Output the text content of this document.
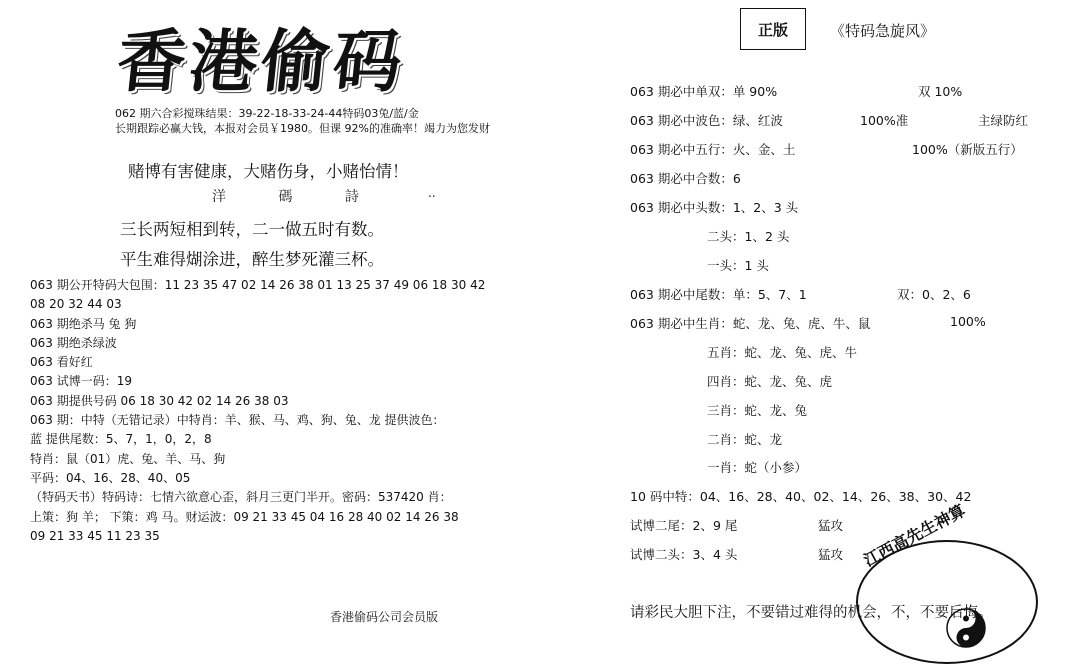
香港偷码
062 期六合彩搅珠结果：39-22-18-33-24-44特码03兔/蓝/金
长期跟踪必赢大钱，本报对会员￥1980。但课 92%的准确率！竭力为您发财
赌博有害健康，大赌伤身，小赌怡情！
洋 碼 詩	..
三长两短相到转，二一做五时有数。
平生难得煳涂进，醉生梦死灌三杯。
063 期公开特码大包围：11 23 35 47 02 14 26 38 01 13 25 37 49 06 18 30 42
08 20 32 44 03
063 期绝杀马 兔 狗
063 期绝杀绿波
063 看好红
063 试博一码：19
063 期提供号码 06 18 30 42 02 14 26 38 03
063 期：中特（无错记录）中特肖：羊、猴、马、鸡、狗、兔、龙 提供波色：
蓝 提供尾数：5、7，1，0，2，8
特肖：鼠（01）虎、兔、羊、马、狗
平码：04、16、28、40、05
（特码天书）特码诗：七情六欲意心歪，斜月三更门半开。密码：537420 肖：
上策：狗 羊； 下策：鸡 马。财运波：09 21 33 45 04 16 28 40 02 14 26 38
09 21 33 45 11 23 35
香港偷码公司会员版
正版	《特码急旋风》
063 期必中单双：单 90%	双 10%
063 期必中波色：绿、红波	100%准	主绿防红
063 期必中五行：火、金、土	100%（新版五行）
063 期必中合数：6
063 期必中头数：1、2、3 头
二头：1、2 头
一头：1 头
063 期必中尾数：单：5、7、1	双：0、2、6
063 期必中生肖：蛇、龙、兔、虎、牛、鼠	100%
五肖：蛇、龙、兔、虎、牛
四肖：蛇、龙、兔、虎
三肖：蛇、龙、兔
二肖：蛇、龙
一肖：蛇（小参）
10 码中特：04、16、28、40、02、14、26、38、30、42
试博二尾：2、9 尾	猛攻
试博二头：3、4 头	猛攻 江西高先生神算
请彩民大胆下注，不要错过难得的机会，不，不要后悔。
